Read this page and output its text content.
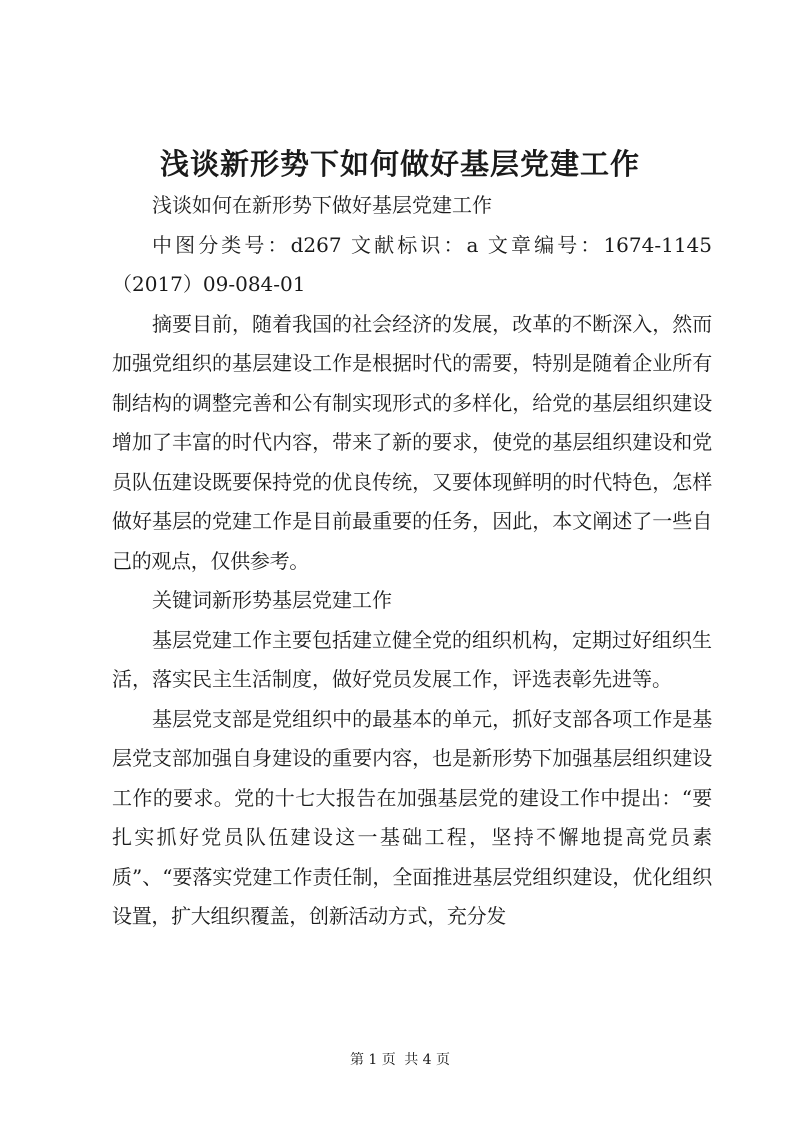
浅谈新形势下如何做好基层党建工作

浅谈如何在新形势下做好基层党建工作

中图分类号：d267 文献标识：a 文章编号：1674-1145（2017）09-084-01

摘要目前，随着我国的社会经济的发展，改革的不断深入，然而加强党组织的基层建设工作是根据时代的需要，特别是随着企业所有制结构的调整完善和公有制实现形式的多样化，给党的基层组织建设增加了丰富的时代内容，带来了新的要求，使党的基层组织建设和党员队伍建设既要保持党的优良传统，又要体现鲜明的时代特色，怎样做好基层的党建工作是目前最重要的任务，因此，本文阐述了一些自己的观点，仅供参考。

关键词新形势基层党建工作

基层党建工作主要包括建立健全党的组织机构，定期过好组织生活，落实民主生活制度，做好党员发展工作，评选表彰先进等。

基层党支部是党组织中的最基本的单元，抓好支部各项工作是基层党支部加强自身建设的重要内容，也是新形势下加强基层组织建设工作的要求。党的十七大报告在加强基层党的建设工作中提出：“要扎实抓好党员队伍建设这一基础工程，坚持不懈地提高党员素质”、“要落实党建工作责任制，全面推进基层党组织建设，优化组织设置，扩大组织覆盖，创新活动方式，充分发

第 1 页 共 4 页
